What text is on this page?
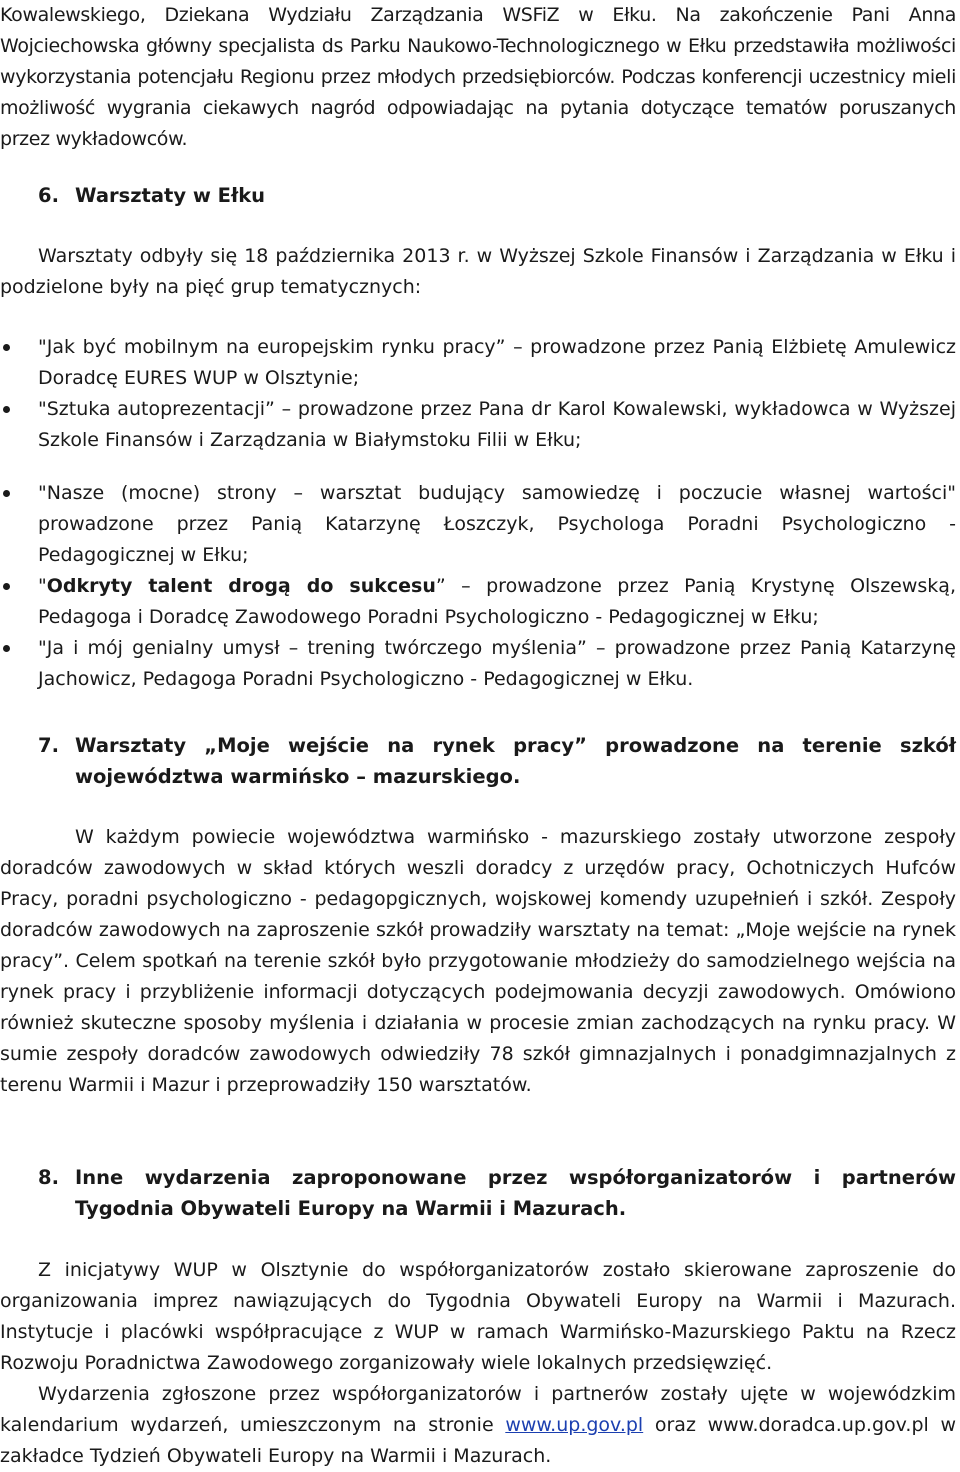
Kowalewskiego, Dziekana Wydziału Zarządzania WSFiZ w Ełku. Na zakończenie Pani Anna Wojciechowska główny specjalista ds Parku Naukowo-Technologicznego w Ełku przedstawiła możliwości wykorzystania potencjału Regionu przez młodych przedsiębiorców. Podczas konferencji uczestnicy mieli możliwość wygrania ciekawych nagród odpowiadając na pytania dotyczące tematów poruszanych przez wykładowców.

6. Warsztaty w Ełku

Warsztaty odbyły się 18 października 2013 r. w Wyższej Szkole Finansów i Zarządzania w Ełku i podzielone były na pięć grup tematycznych:

"Jak być mobilnym na europejskim rynku pracy” – prowadzone przez Panią Elżbietę Amulewicz Doradcę EURES WUP w Olsztynie;
"Sztuka autoprezentacji” – prowadzone przez Pana dr Karol Kowalewski, wykładowca w Wyższej Szkole Finansów i Zarządzania w Białymstoku Filii w Ełku;
"Nasze (mocne) strony – warsztat budujący samowiedzę i poczucie własnej wartości" prowadzone przez Panią Katarzynę Łoszczyk, Psychologa Poradni Psychologiczno - Pedagogicznej w Ełku;
"Odkryty talent drogą do sukcesu” – prowadzone przez Panią Krystynę Olszewską, Pedagoga i Doradcę Zawodowego Poradni Psychologiczno - Pedagogicznej w Ełku;
"Ja i mój genialny umysł – trening twórczego myślenia” – prowadzone przez Panią Katarzynę Jachowicz, Pedagoga Poradni Psychologiczno - Pedagogicznej w Ełku.
7. Warsztaty „Moje wejście na rynek pracy” prowadzone na terenie szkół województwa warmińsko – mazurskiego.

W każdym powiecie województwa warmińsko - mazurskiego zostały utworzone zespoły doradców zawodowych w skład których weszli doradcy z urzędów pracy, Ochotniczych Hufców Pracy, poradni psychologiczno - pedagopgicznych, wojskowej komendy uzupełnień i szkół. Zespoły doradców zawodowych na zaproszenie szkół prowadziły warsztaty na temat: „Moje wejście na rynek pracy”. Celem spotkań na terenie szkół było przygotowanie młodzieży do samodzielnego wejścia na rynek pracy i przybliżenie informacji dotyczących podejmowania decyzji zawodowych. Omówiono również skuteczne sposoby myślenia i działania w procesie zmian zachodzących na rynku pracy. W sumie zespoły doradców zawodowych odwiedziły 78 szkół gimnazjalnych i ponadgimnazjalnych z terenu Warmii i Mazur i przeprowadziły 150 warsztatów.

8. Inne wydarzenia zaproponowane przez współorganizatorów i partnerów Tygodnia Obywateli Europy na Warmii i Mazurach.

Z inicjatywy WUP w Olsztynie do współorganizatorów zostało skierowane zaproszenie do organizowania imprez nawiązujących do Tygodnia Obywateli Europy na Warmii i Mazurach. Instytucje i placówki współpracujące z WUP w ramach Warmińsko-Mazurskiego Paktu na Rzecz Rozwoju Poradnictwa Zawodowego zorganizowały wiele lokalnych przedsięwzięć.

Wydarzenia zgłoszone przez współorganizatorów i partnerów zostały ujęte w wojewódzkim kalendarium wydarzeń, umieszczonym na stronie www.up.gov.pl oraz www.doradca.up.gov.pl w zakładce Tydzień Obywateli Europy na Warmii i Mazurach.
